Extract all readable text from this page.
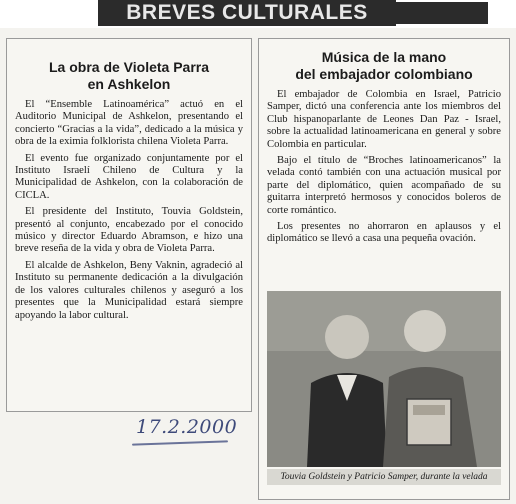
BREVES CULTURALES
La obra de Violeta Parra
en Ashkelon

El “Ensemble Latinoamérica” actuó en el Auditorio Municipal de Ashkelon, presentando el concierto “Gracias a la vida”, dedicado a la música y obra de la eximia folklorista chilena Violeta Parra.

El evento fue organizado conjuntamente por el Instituto Israelí Chileno de Cultura y la Municipalidad de Ashkelon, con la colaboración de CICLA.

El presidente del Instituto, Touvia Goldstein, presentó al conjunto, encabezado por el conocido músico y director Eduardo Abramson, e hizo una breve reseña de la vida y obra de Violeta Parra.

El alcalde de Ashkelon, Beny Vaknin, agradeció al Instituto su permanente dedicación a la divulgación de los valores culturales chilenos y aseguró a los presentes que la Municipalidad estará siempre apoyando la labor cultural.

Música de la mano
del embajador colombiano

El embajador de Colombia en Israel, Patricio Samper, dictó una conferencia ante los miembros del Club hispanoparlante de Leones Dan Paz - Israel, sobre la actualidad latinoamericana en general y sobre Colombia en particular.

Bajo el título de “Broches latinoamericanos” la velada contó también con una actuación musical por parte del diplomático, quien acompañado de su guitarra interpretó hermosos y conocidos boleros de corte romántico.

Los presentes no ahorraron en aplausos y el diplomático se llevó a casa una pequeña ovación.

Touvia Goldstein y Patricio Samper, durante la velada
17.2.2000
